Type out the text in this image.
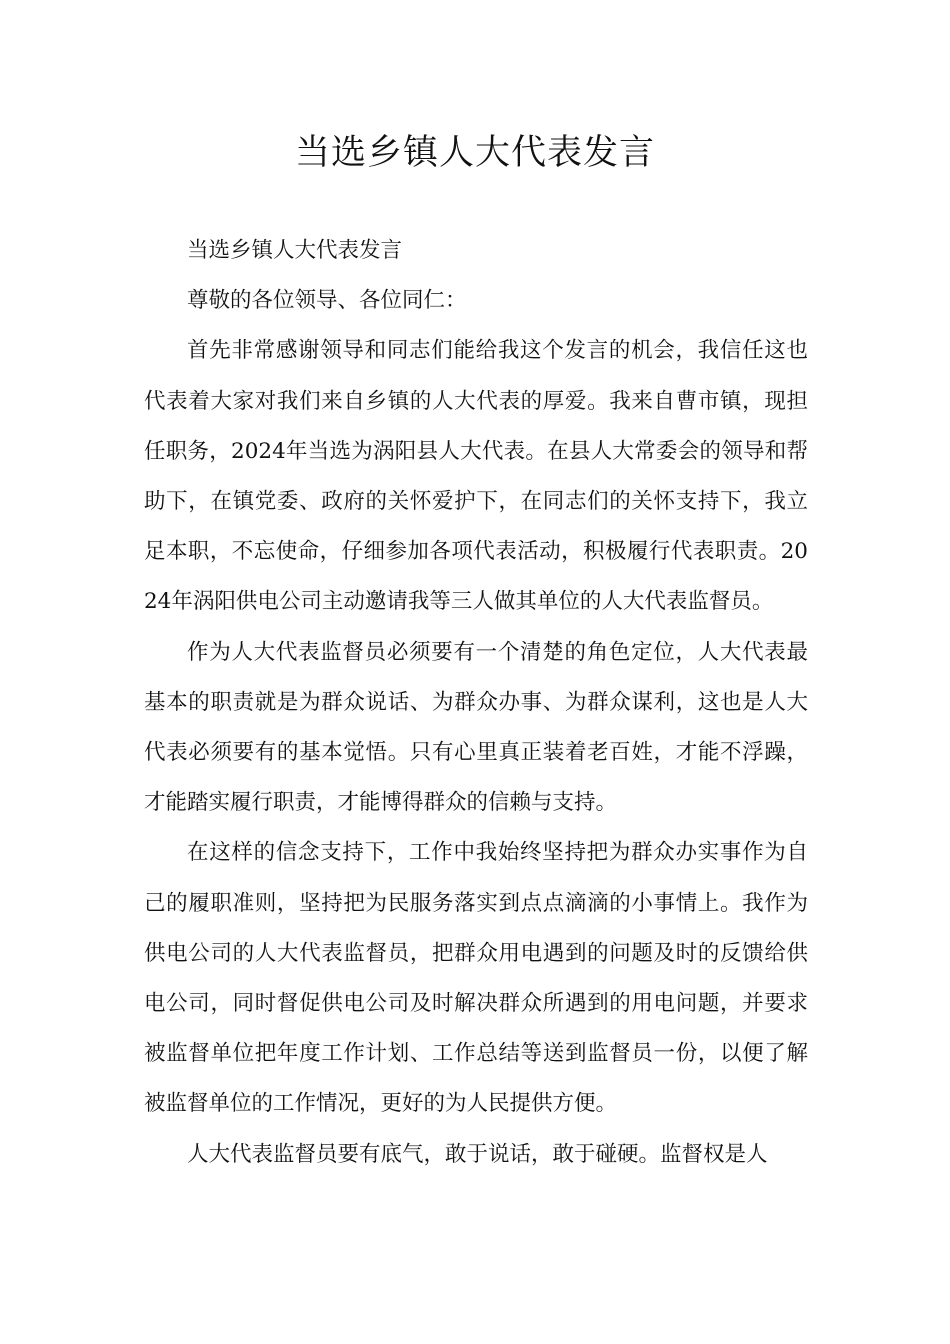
当选乡镇人大代表发言

当选乡镇人大代表发言

尊敬的各位领导、各位同仁：

首先非常感谢领导和同志们能给我这个发言的机会，我信任这也代表着大家对我们来自乡镇的人大代表的厚爱。我来自曹市镇，现担任职务，2024年当选为涡阳县人大代表。在县人大常委会的领导和帮助下，在镇党委、政府的关怀爱护下，在同志们的关怀支持下，我立足本职，不忘使命，仔细参加各项代表活动，积极履行代表职责。2024年涡阳供电公司主动邀请我等三人做其单位的人大代表监督员。

作为人大代表监督员必须要有一个清楚的角色定位，人大代表最基本的职责就是为群众说话、为群众办事、为群众谋利，这也是人大代表必须要有的基本觉悟。只有心里真正装着老百姓，才能不浮躁，才能踏实履行职责，才能博得群众的信赖与支持。

在这样的信念支持下，工作中我始终坚持把为群众办实事作为自己的履职准则，坚持把为民服务落实到点点滴滴的小事情上。我作为供电公司的人大代表监督员，把群众用电遇到的问题及时的反馈给供电公司，同时督促供电公司及时解决群众所遇到的用电问题，并要求被监督单位把年度工作计划、工作总结等送到监督员一份，以便了解被监督单位的工作情况，更好的为人民提供方便。

人大代表监督员要有底气，敢于说话，敢于碰硬。监督权是人
